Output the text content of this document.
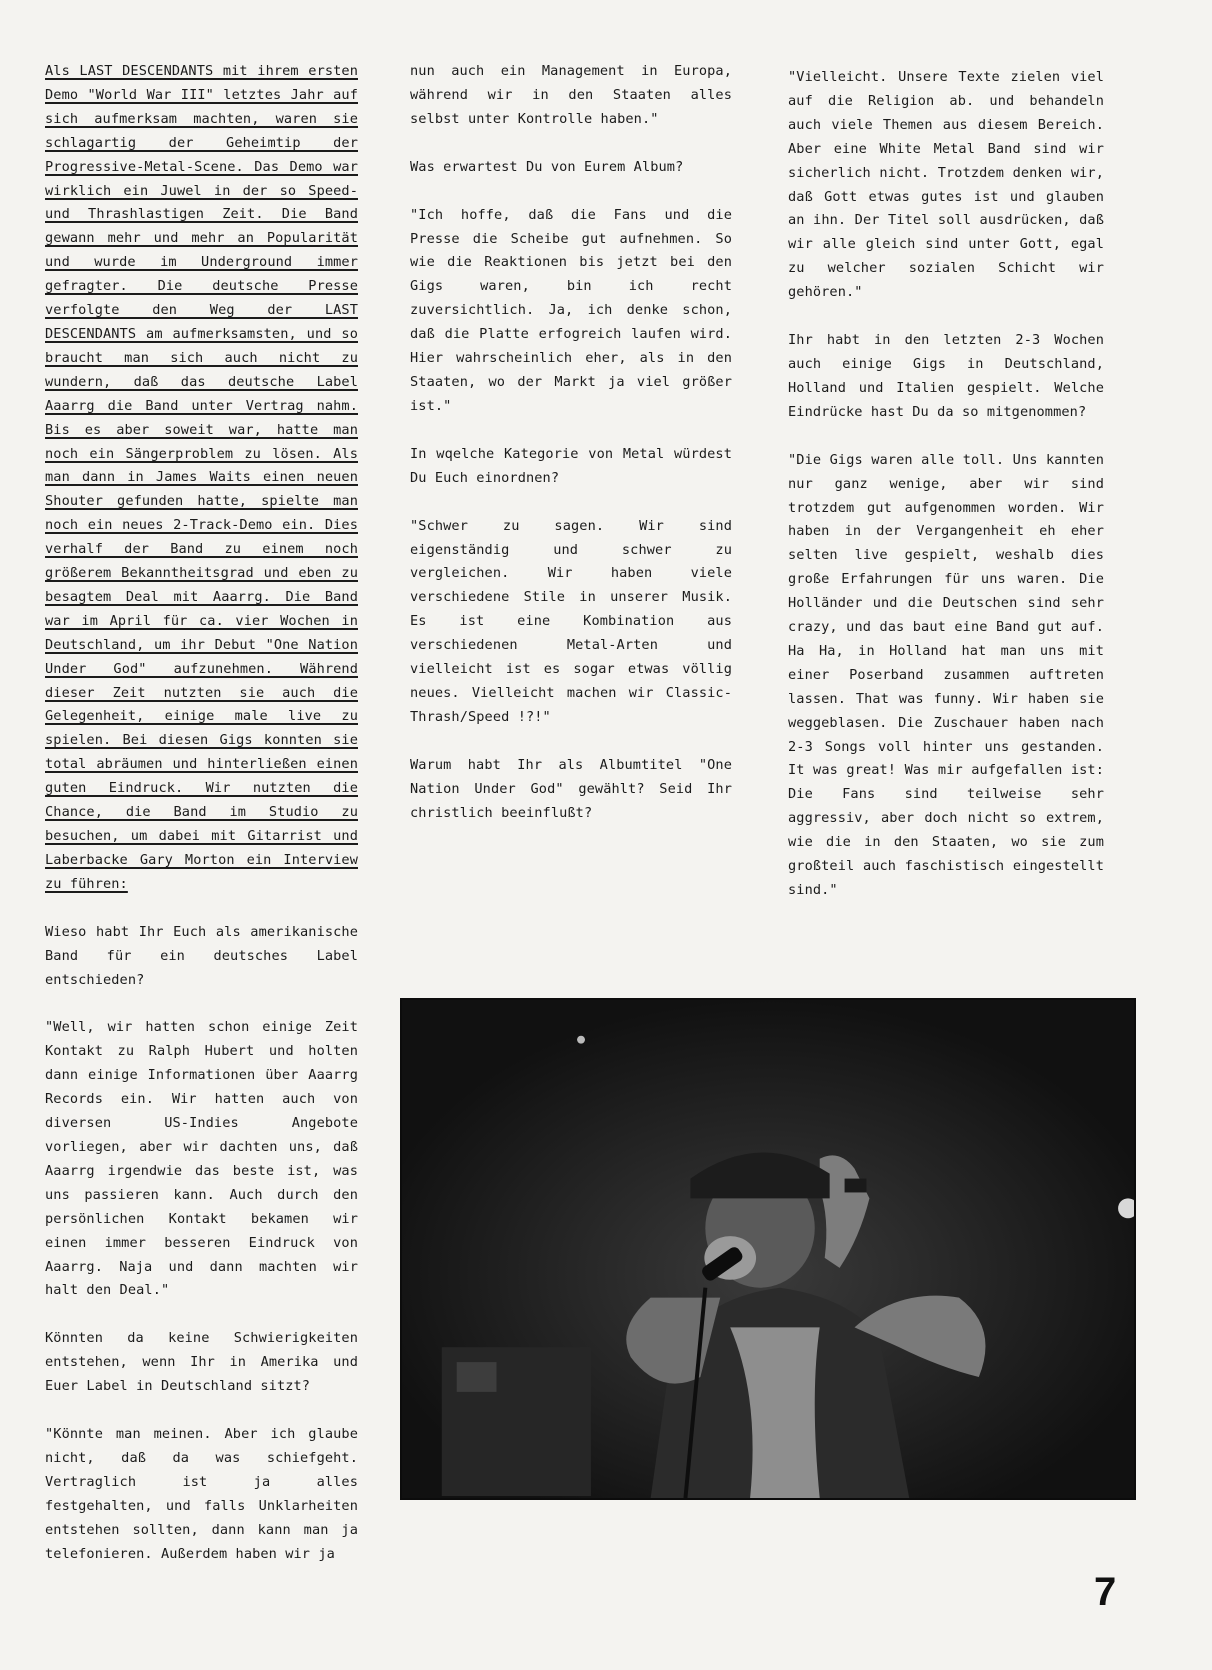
Als LAST DESCENDANTS mit ihrem ersten Demo "World War III" letztes Jahr auf sich aufmerksam machten, waren sie schlagartig der Geheimtip der Progressive-Metal-Scene. Das Demo war wirklich ein Juwel in der so Speed- und Thrashlastigen Zeit. Die Band gewann mehr und mehr an Popularität und wurde im Underground immer gefragter. Die deutsche Presse verfolgte den Weg der LAST DESCENDANTS am aufmerksamsten, und so braucht man sich auch nicht zu wundern, daß das deutsche Label Aaarrg die Band unter Vertrag nahm. Bis es aber soweit war, hatte man noch ein Sängerproblem zu lösen. Als man dann in James Waits einen neuen Shouter gefunden hatte, spielte man noch ein neues 2-Track-Demo ein. Dies verhalf der Band zu einem noch größerem Bekanntheitsgrad und eben zu besagtem Deal mit Aaarrg. Die Band war im April für ca. vier Wochen in Deutschland, um ihr Debut "One Nation Under God" aufzunehmen. Während dieser Zeit nutzten sie auch die Gelegenheit, einige male live zu spielen. Bei diesen Gigs konnten sie total abräumen und hinterließen einen guten Eindruck. Wir nutzten die Chance, die Band im Studio zu besuchen, um dabei mit Gitarrist und Laberbacke Gary Morton ein Interview zu führen:

Wieso habt Ihr Euch als amerikanische Band für ein deutsches Label entschieden?

"Well, wir hatten schon einige Zeit Kontakt zu Ralph Hubert und holten dann einige Informationen über Aaarrg Records ein. Wir hatten auch von diversen US-Indies Angebote vorliegen, aber wir dachten uns, daß Aaarrg irgendwie das beste ist, was uns passieren kann. Auch durch den persönlichen Kontakt bekamen wir einen immer besseren Eindruck von Aaarrg. Naja und dann machten wir halt den Deal."

Könnten da keine Schwierigkeiten entstehen, wenn Ihr in Amerika und Euer Label in Deutschland sitzt?

"Könnte man meinen. Aber ich glaube nicht, daß da was schiefgeht. Vertraglich ist ja alles festgehalten, und falls Unklarheiten entstehen sollten, dann kann man ja telefonieren. Außerdem haben wir ja

nun auch ein Management in Europa, während wir in den Staaten alles selbst unter Kontrolle haben."

Was erwartest Du von Eurem Album?

"Ich hoffe, daß die Fans und die Presse die Scheibe gut aufnehmen. So wie die Reaktionen bis jetzt bei den Gigs waren, bin ich recht zuversichtlich. Ja, ich denke schon, daß die Platte erfogreich laufen wird. Hier wahrscheinlich eher, als in den Staaten, wo der Markt ja viel größer ist."

In wqelche Kategorie von Metal würdest Du Euch einordnen?

"Schwer zu sagen. Wir sind eigenständig und schwer zu vergleichen. Wir haben viele verschiedene Stile in unserer Musik. Es ist eine Kombination aus verschiedenen Metal-Arten und vielleicht ist es sogar etwas völlig neues. Vielleicht machen wir Classic-Thrash/Speed !?!"

Warum habt Ihr als Albumtitel "One Nation Under God" gewählt? Seid Ihr christlich beeinflußt?

"Vielleicht. Unsere Texte zielen viel auf die Religion ab. und behandeln auch viele Themen aus diesem Bereich. Aber eine White Metal Band sind wir sicherlich nicht. Trotzdem denken wir, daß Gott etwas gutes ist und glauben an ihn. Der Titel soll ausdrücken, daß wir alle gleich sind unter Gott, egal zu welcher sozialen Schicht wir gehören."

Ihr habt in den letzten 2-3 Wochen auch einige Gigs in Deutschland, Holland und Italien gespielt. Welche Eindrücke hast Du da so mitgenommen?

"Die Gigs waren alle toll. Uns kannten nur ganz wenige, aber wir sind trotzdem gut aufgenommen worden. Wir haben in der Vergangenheit eh eher selten live gespielt, weshalb dies große Erfahrungen für uns waren. Die Holländer und die Deutschen sind sehr crazy, und das baut eine Band gut auf. Ha Ha, in Holland hat man uns mit einer Poserband zusammen auftreten lassen. That was funny. Wir haben sie weggeblasen. Die Zuschauer haben nach 2-3 Songs voll hinter uns gestanden. It was great! Was mir aufgefallen ist: Die Fans sind teilweise sehr aggressiv, aber doch nicht so extrem, wie die in den Staaten, wo sie zum großteil auch faschistisch eingestellt sind."

7
